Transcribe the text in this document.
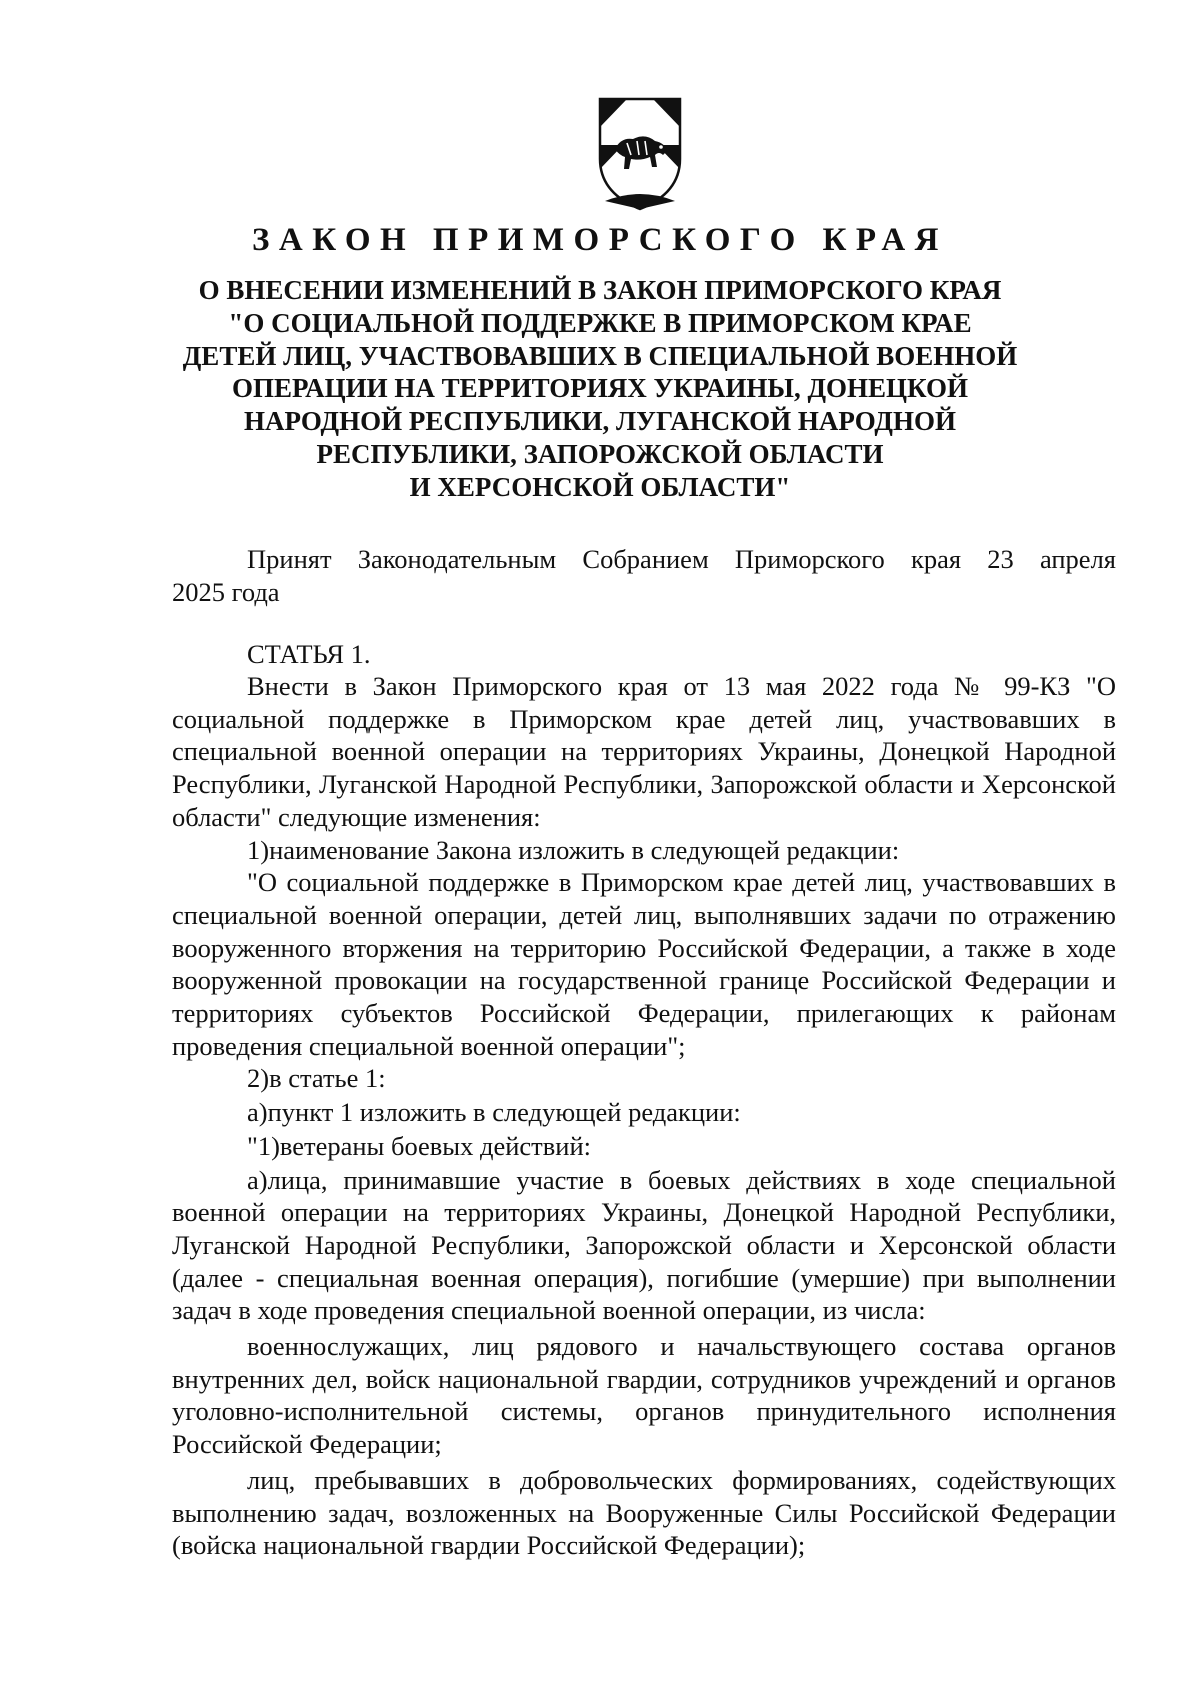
ЗАКОН ПРИМОРСКОГО КРАЯ
О ВНЕСЕНИИ ИЗМЕНЕНИЙ В ЗАКОН ПРИМОРСКОГО КРАЯ
"О СОЦИАЛЬНОЙ ПОДДЕРЖКЕ В ПРИМОРСКОМ КРАЕ
ДЕТЕЙ ЛИЦ, УЧАСТВОВАВШИХ В СПЕЦИАЛЬНОЙ ВОЕННОЙ
ОПЕРАЦИИ НА ТЕРРИТОРИЯХ УКРАИНЫ, ДОНЕЦКОЙ
НАРОДНОЙ РЕСПУБЛИКИ, ЛУГАНСКОЙ НАРОДНОЙ
РЕСПУБЛИКИ, ЗАПОРОЖСКОЙ ОБЛАСТИ
И ХЕРСОНСКОЙ ОБЛАСТИ"
Принят Законодательным Собранием Приморского края 23 апреля
2025 года
СТАТЬЯ 1.

Внести в Закон Приморского края от 13 мая 2022 года № 99-КЗ "О социальной поддержке в Приморском крае детей лиц, участвовавших в специальной военной операции на территориях Украины, Донецкой Народной Республики, Луганской Народной Республики, Запорожской области и Херсонской области" следующие изменения:

1)наименование Закона изложить в следующей редакции:

"О социальной поддержке в Приморском крае детей лиц, участвовавших в специальной военной операции, детей лиц, выполнявших задачи по отражению вооруженного вторжения на территорию Российской Федерации, а также в ходе вооруженной провокации на государственной границе Российской Федерации и территориях субъектов Российской Федерации, прилегающих к районам проведения специальной военной операции";

2)в статье 1:

а)пункт 1 изложить в следующей редакции:

"1)ветераны боевых действий:

а)лица, принимавшие участие в боевых действиях в ходе специальной военной операции на территориях Украины, Донецкой Народной Республики, Луганской Народной Республики, Запорожской области и Херсонской области (далее - специальная военная операция), погибшие (умершие) при выполнении задач в ходе проведения специальной военной операции, из числа:

военнослужащих, лиц рядового и начальствующего состава органов внутренних дел, войск национальной гвардии, сотрудников учреждений и органов уголовно-исполнительной системы, органов принудительного исполнения Российской Федерации;

лиц, пребывавших в добровольческих формированиях, содействующих выполнению задач, возложенных на Вооруженные Силы Российской Федерации (войска национальной гвардии Российской Федерации);
